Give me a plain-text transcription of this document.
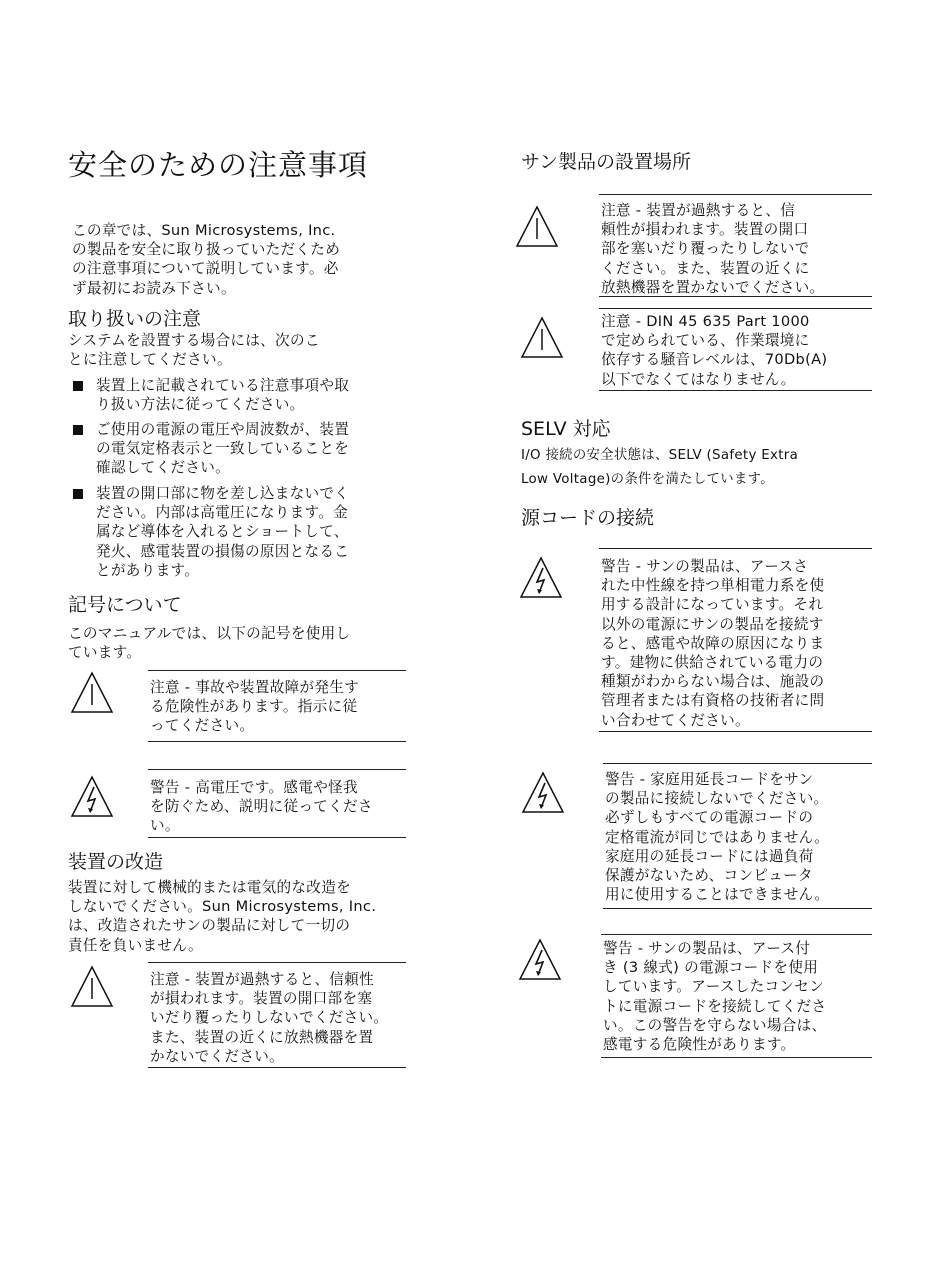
安全のための注意事項
この章では、Sun Microsystems, Inc.
の製品を安全に取り扱っていただくため
の注意事項について説明しています。必
ず最初にお読み下さい。
取り扱いの注意
システムを設置する場合には、次のこ
とに注意してください。
装置上に記載されている注意事項や取
り扱い方法に従ってください。
ご使用の電源の電圧や周波数が、装置
の電気定格表示と一致していることを
確認してください。
装置の開口部に物を差し込まないでく
ださい。内部は高電圧になります。金
属など導体を入れるとショートして、
発火、感電装置の損傷の原因となるこ
とがあります。
記号について
このマニュアルでは、以下の記号を使用し
ています。
注意 - 事故や装置故障が発生す
る危険性があります。指示に従
ってください。
警告 - 高電圧です。感電や怪我
を防ぐため、説明に従ってくださ
い。
装置の改造
装置に対して機械的または電気的な改造を
しないでください。Sun Microsystems, Inc.
は、改造されたサンの製品に対して一切の
責任を負いません。
注意 - 装置が過熱すると、信頼性
が損われます。装置の開口部を塞
いだり覆ったりしないでください。
また、装置の近くに放熱機器を置
かないでください。
サン製品の設置場所
注意 - 装置が過熱すると、信
頼性が損われます。装置の開口
部を塞いだり覆ったりしないで
ください。また、装置の近くに
放熱機器を置かないでください。
注意 - DIN 45 635 Part 1000
で定められている、作業環境に
依存する騒音レベルは、70Db(A)
以下でなくてはなりません。
SELV 対応
I/O 接続の安全状態は、SELV (Safety Extra
Low Voltage)の条件を満たしています。
源コードの接続
警告 - サンの製品は、アースさ
れた中性線を持つ単相電力系を使
用する設計になっています。それ
以外の電源にサンの製品を接続す
ると、感電や故障の原因になりま
す。建物に供給されている電力の
種類がわからない場合は、施設の
管理者または有資格の技術者に問
い合わせてください。
警告 - 家庭用延長コードをサン
の製品に接続しないでください。
必ずしもすべての電源コードの
定格電流が同じではありません。
家庭用の延長コードには過負荷
保護がないため、コンピュータ
用に使用することはできません。
警告 - サンの製品は、アース付
き (3 線式) の電源コードを使用
しています。アースしたコンセン
トに電源コードを接続してくださ
い。この警告を守らない場合は、
感電する危険性があります。
